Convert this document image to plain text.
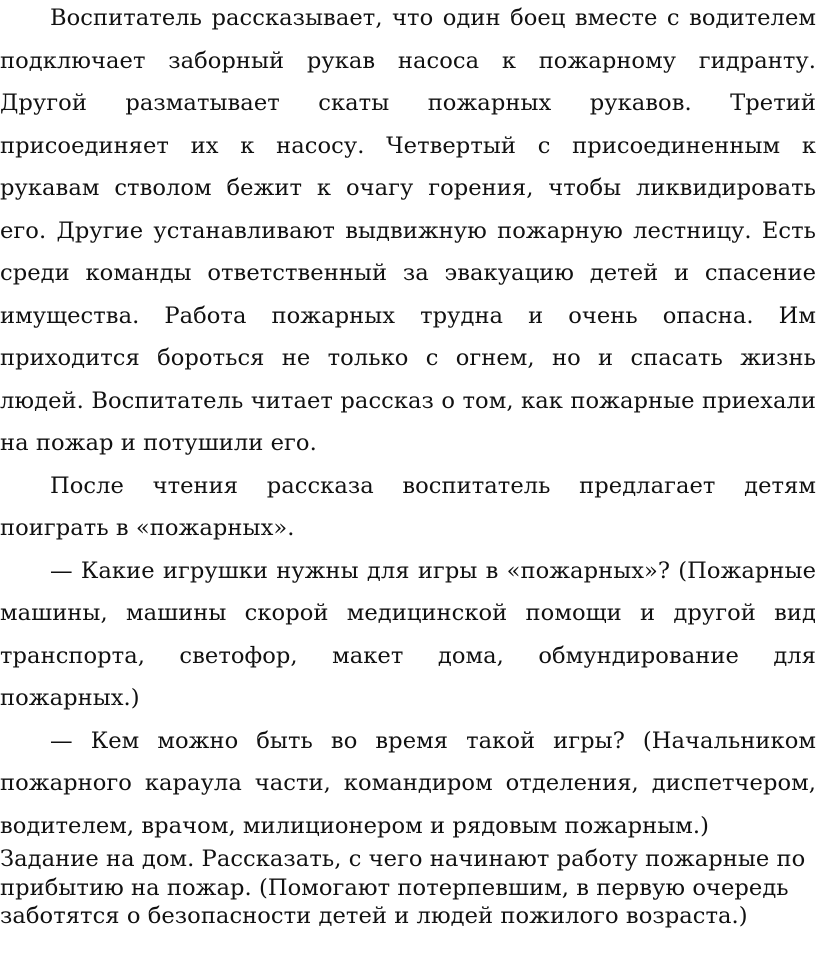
Воспитатель рассказывает, что один боец вместе с водителем подключает заборный рукав насоса к пожарному гидранту. Другой разматывает скаты пожарных рукавов. Третий присоединяет их к насосу. Четвертый с присоединенным к рукавам стволом бежит к очагу горения, чтобы ликвидировать его. Другие устанавливают выдвижную пожарную лестницу. Есть среди команды ответственный за эвакуацию детей и спасение имущества. Работа пожарных трудна и очень опасна. Им приходится бороться не только с огнем, но и спасать жизнь людей. Воспитатель читает рассказ о том, как пожарные приехали на пожар и потушили его.

После чтения рассказа воспитатель предлагает детям поиграть в «пожарных».

— Какие игрушки нужны для игры в «пожарных»? (Пожарные машины, машины скорой медицинской помощи и другой вид транспорта, светофор, макет дома, обмундирование для пожарных.)

— Кем можно быть во время такой игры? (Начальником пожарного караула части, командиром отделения, диспетчером, водителем, врачом, милиционером и рядовым пожарным.)

Задание на дом. Рассказать, с чего начинают работу пожарные по прибытию на пожар. (Помогают потерпевшим, в первую очередь заботятся о безопасности детей и людей пожилого возраста.)
